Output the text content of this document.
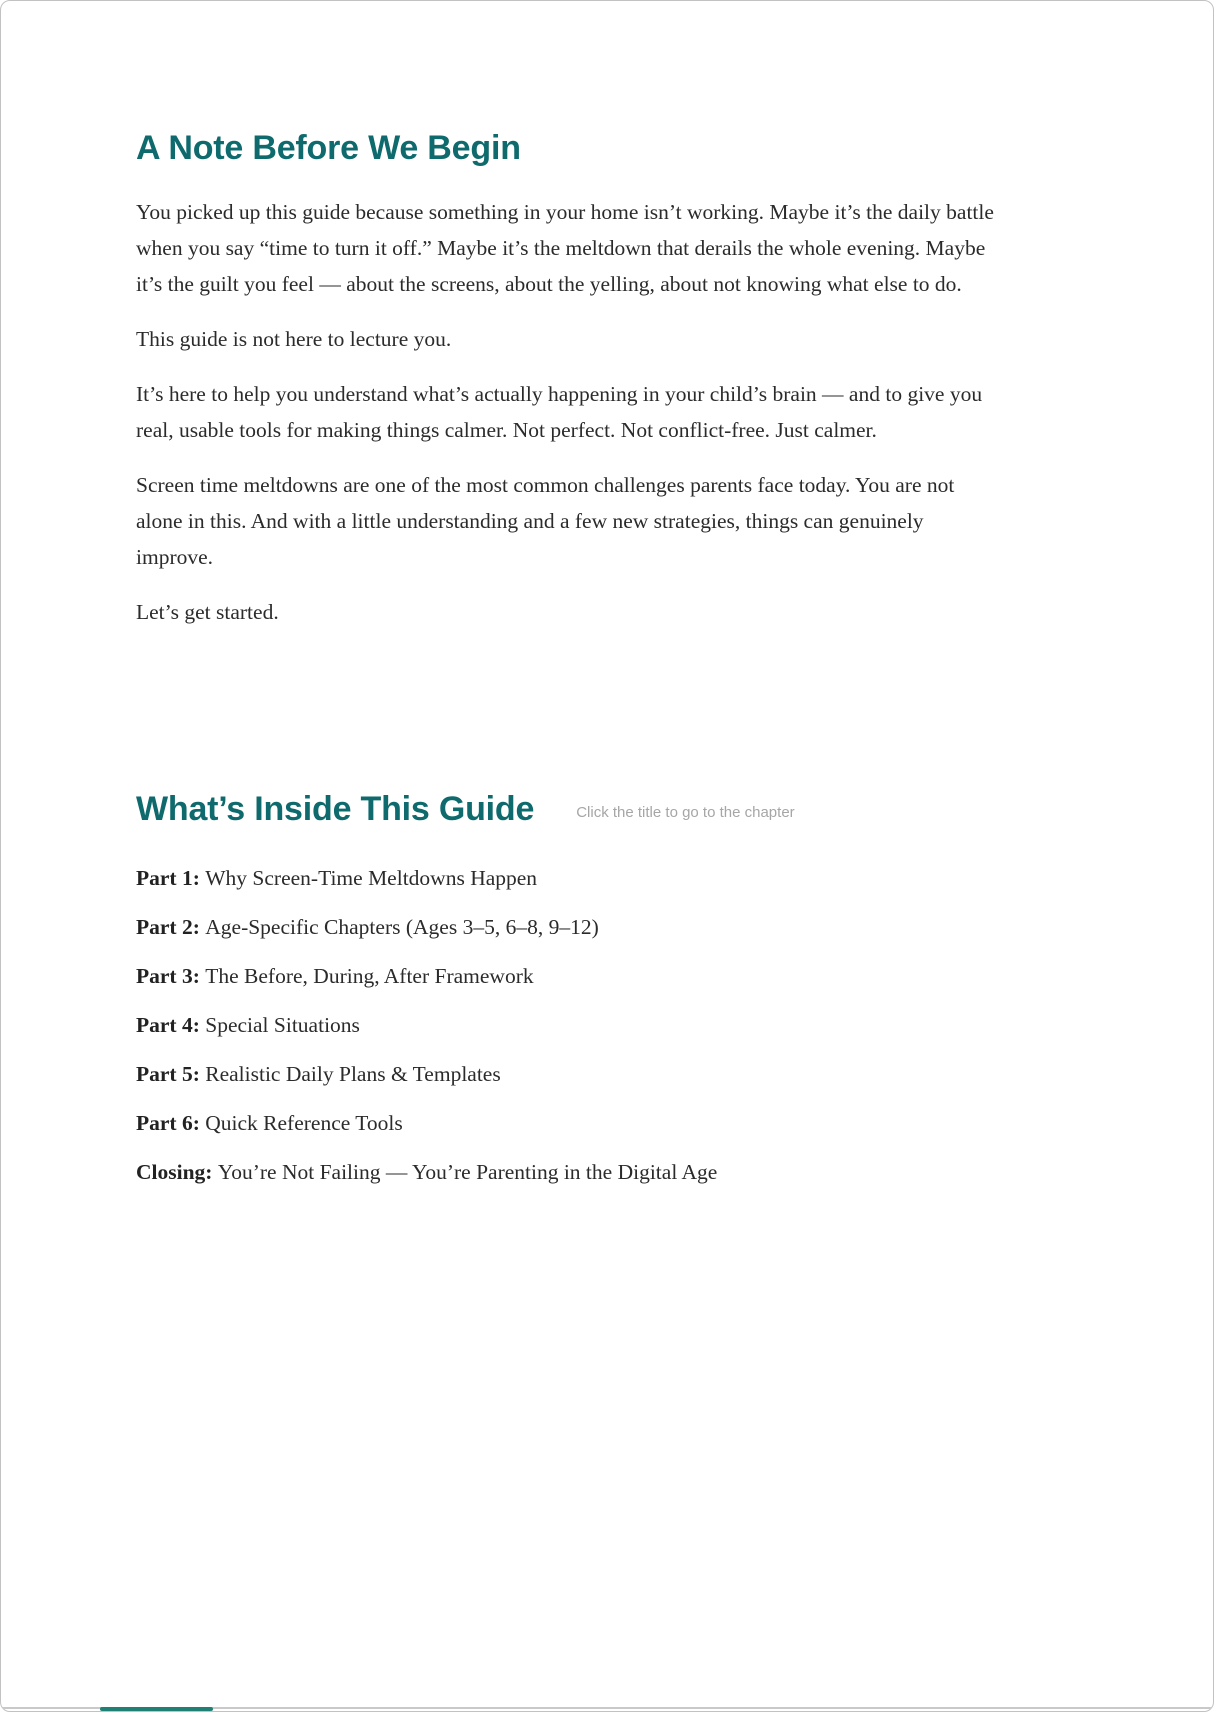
A Note Before We Begin

You picked up this guide because something in your home isn’t working. Maybe it’s the daily battle when you say “time to turn it off.” Maybe it’s the meltdown that derails the whole evening. Maybe it’s the guilt you feel — about the screens, about the yelling, about not knowing what else to do.

This guide is not here to lecture you.

It’s here to help you understand what’s actually happening in your child’s brain — and to give you real, usable tools for making things calmer. Not perfect. Not conflict-free. Just calmer.

Screen time meltdowns are one of the most common challenges parents face today. You are not alone in this. And with a little understanding and a few new strategies, things can genuinely improve.

Let’s get started.

What’s Inside This Guide	Click the title to go to the chapter
Part 1: Why Screen-Time Meltdowns Happen
Part 2: Age-Specific Chapters (Ages 3–5, 6–8, 9–12)
Part 3: The Before, During, After Framework
Part 4: Special Situations
Part 5: Realistic Daily Plans & Templates
Part 6: Quick Reference Tools
Closing: You’re Not Failing — You’re Parenting in the Digital Age
